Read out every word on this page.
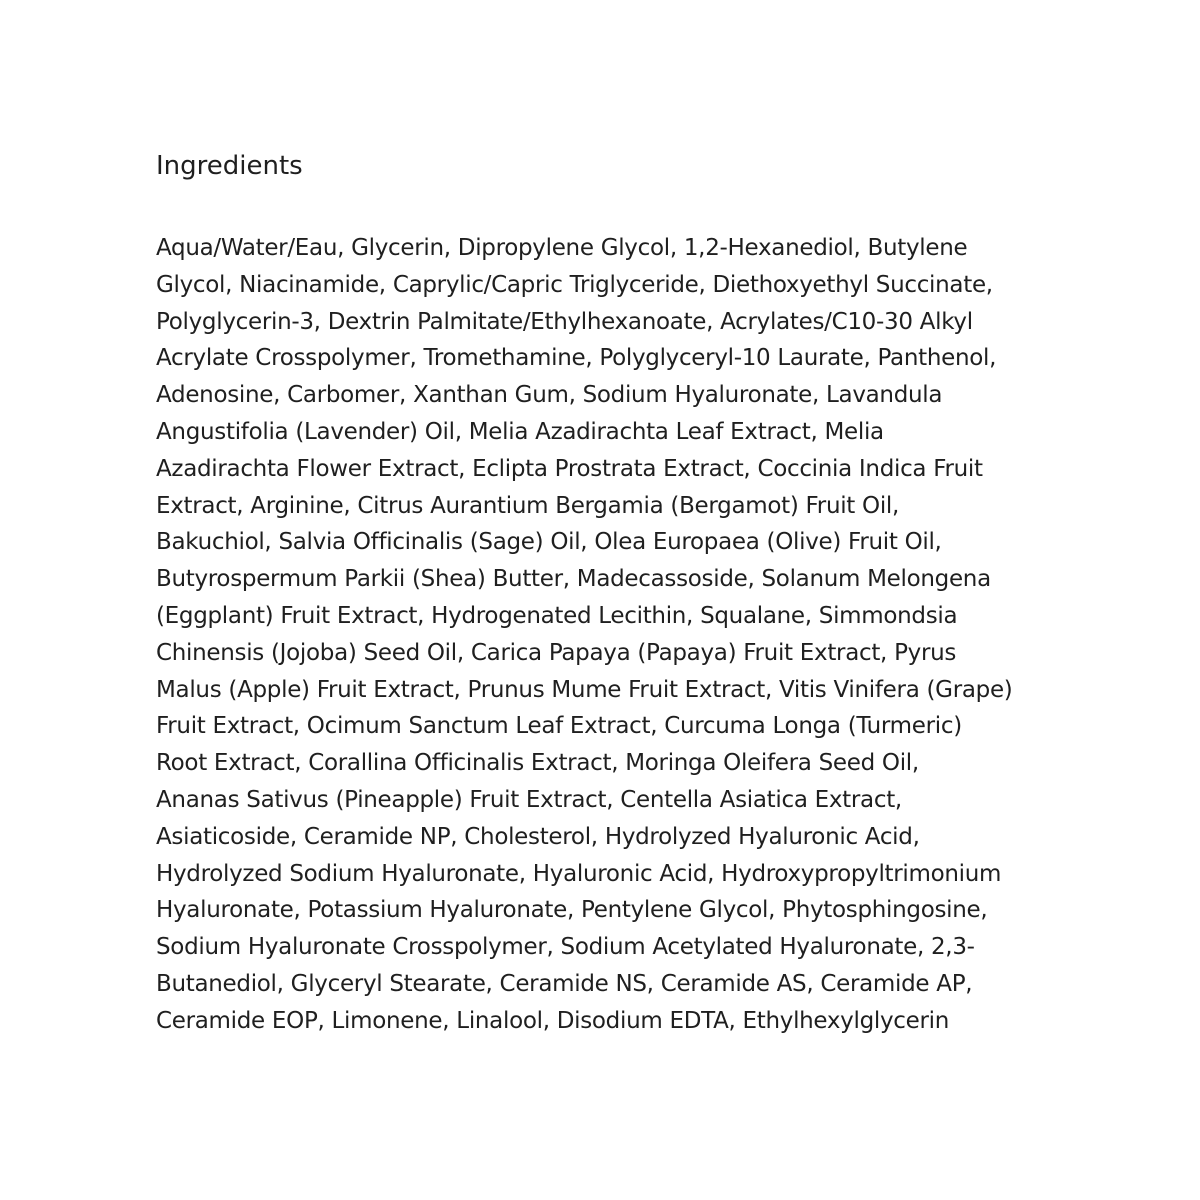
Ingredients
Aqua/Water/Eau, Glycerin, Dipropylene Glycol, 1,2-Hexanediol, Butylene
Glycol, Niacinamide, Caprylic/Capric Triglyceride, Diethoxyethyl Succinate,
Polyglycerin-3, Dextrin Palmitate/Ethylhexanoate, Acrylates/C10-30 Alkyl
Acrylate Crosspolymer, Tromethamine, Polyglyceryl-10 Laurate, Panthenol,
Adenosine, Carbomer, Xanthan Gum, Sodium Hyaluronate, Lavandula
Angustifolia (Lavender) Oil, Melia Azadirachta Leaf Extract, Melia
Azadirachta Flower Extract, Eclipta Prostrata Extract, Coccinia Indica Fruit
Extract, Arginine, Citrus Aurantium Bergamia (Bergamot) Fruit Oil,
Bakuchiol, Salvia Officinalis (Sage) Oil, Olea Europaea (Olive) Fruit Oil,
Butyrospermum Parkii (Shea) Butter, Madecassoside, Solanum Melongena
(Eggplant) Fruit Extract, Hydrogenated Lecithin, Squalane, Simmondsia
Chinensis (Jojoba) Seed Oil, Carica Papaya (Papaya) Fruit Extract, Pyrus
Malus (Apple) Fruit Extract, Prunus Mume Fruit Extract, Vitis Vinifera (Grape)
Fruit Extract, Ocimum Sanctum Leaf Extract, Curcuma Longa (Turmeric)
Root Extract, Corallina Officinalis Extract, Moringa Oleifera Seed Oil,
Ananas Sativus (Pineapple) Fruit Extract, Centella Asiatica Extract,
Asiaticoside, Ceramide NP, Cholesterol, Hydrolyzed Hyaluronic Acid,
Hydrolyzed Sodium Hyaluronate, Hyaluronic Acid, Hydroxypropyltrimonium
Hyaluronate, Potassium Hyaluronate, Pentylene Glycol, Phytosphingosine,
Sodium Hyaluronate Crosspolymer, Sodium Acetylated Hyaluronate, 2,3-
Butanediol, Glyceryl Stearate, Ceramide NS, Ceramide AS, Ceramide AP,
Ceramide EOP, Limonene, Linalool, Disodium EDTA, Ethylhexylglycerin
